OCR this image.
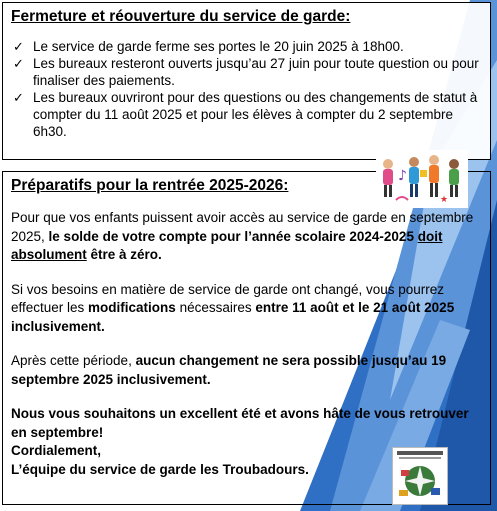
Fermeture et réouverture du service de garde:
✓ Le service de garde ferme ses portes le 20 juin 2025 à 18h00.
✓ Les bureaux resteront ouverts jusqu’au 27 juin pour toute question ou pour finaliser des paiements.
✓ Les bureaux ouvriront pour des questions ou des changements de statut à compter du 11 août 2025 et pour les élèves à compter du 2 septembre 6h30.
Préparatifs pour la rentrée 2025-2026:

Pour que vos enfants puissent avoir accès au service de garde en septembre 2025, le solde de votre compte pour l’année scolaire 2024-2025 doit absolument être à zéro.

Si vos besoins en matière de service de garde ont changé, vous pourrez effectuer les modifications nécessaires entre 11 août et le 21 août 2025 inclusivement.

Après cette période, aucun changement ne sera possible jusqu’au 19 septembre 2025 inclusivement.

Nous vous souhaitons un excellent été et avons hâte de vous retrouver en septembre!

Cordialement,

L’équipe du service de garde les Troubadours.

♪
★
